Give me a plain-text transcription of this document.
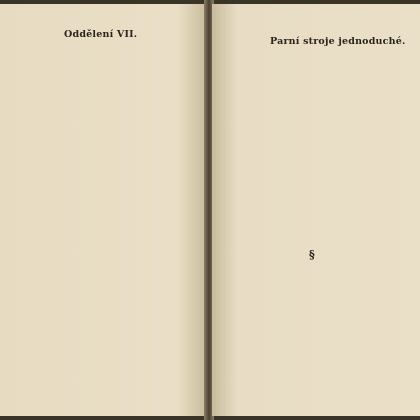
Oddělení VII.
Parní stroje jednoduché.
§
